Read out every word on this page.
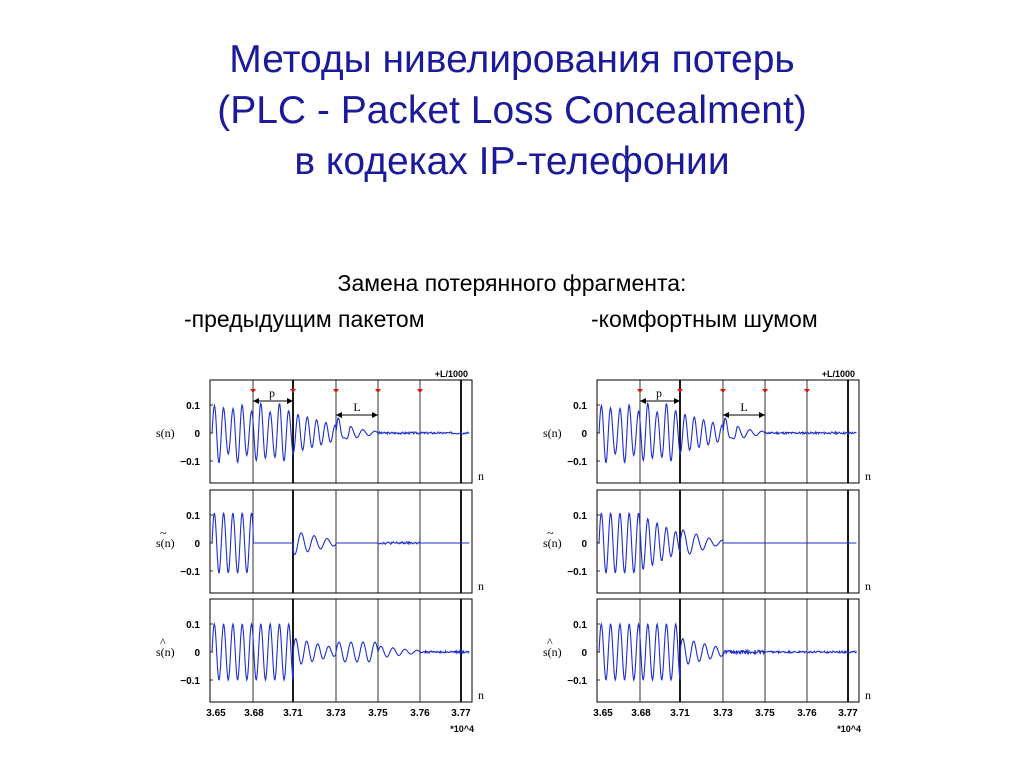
Методы нивелирования потерь
(PLC - Packet Loss Concealment)
в кодеках IP-телефонии
Замена потерянного фрагмента:
-предыдущим пакетом	-комфортным шумом
0.1
0
−0.1
s(n)
n
0.1
0
−0.1
s(n)
~
n
0.1
0
−0.1
s(n)
^
n
+L/1000
p
L
3.65 3.68 3.71 3.73 3.75 3.76 3.77
*10^4
0.1
0
−0.1
s(n)
n
0.1
0
−0.1
s(n)
~
n
0.1
0
−0.1
s(n)
^
n
+L/1000
p
L
3.65 3.68 3.71 3.73 3.75 3.76 3.77
*10^4
